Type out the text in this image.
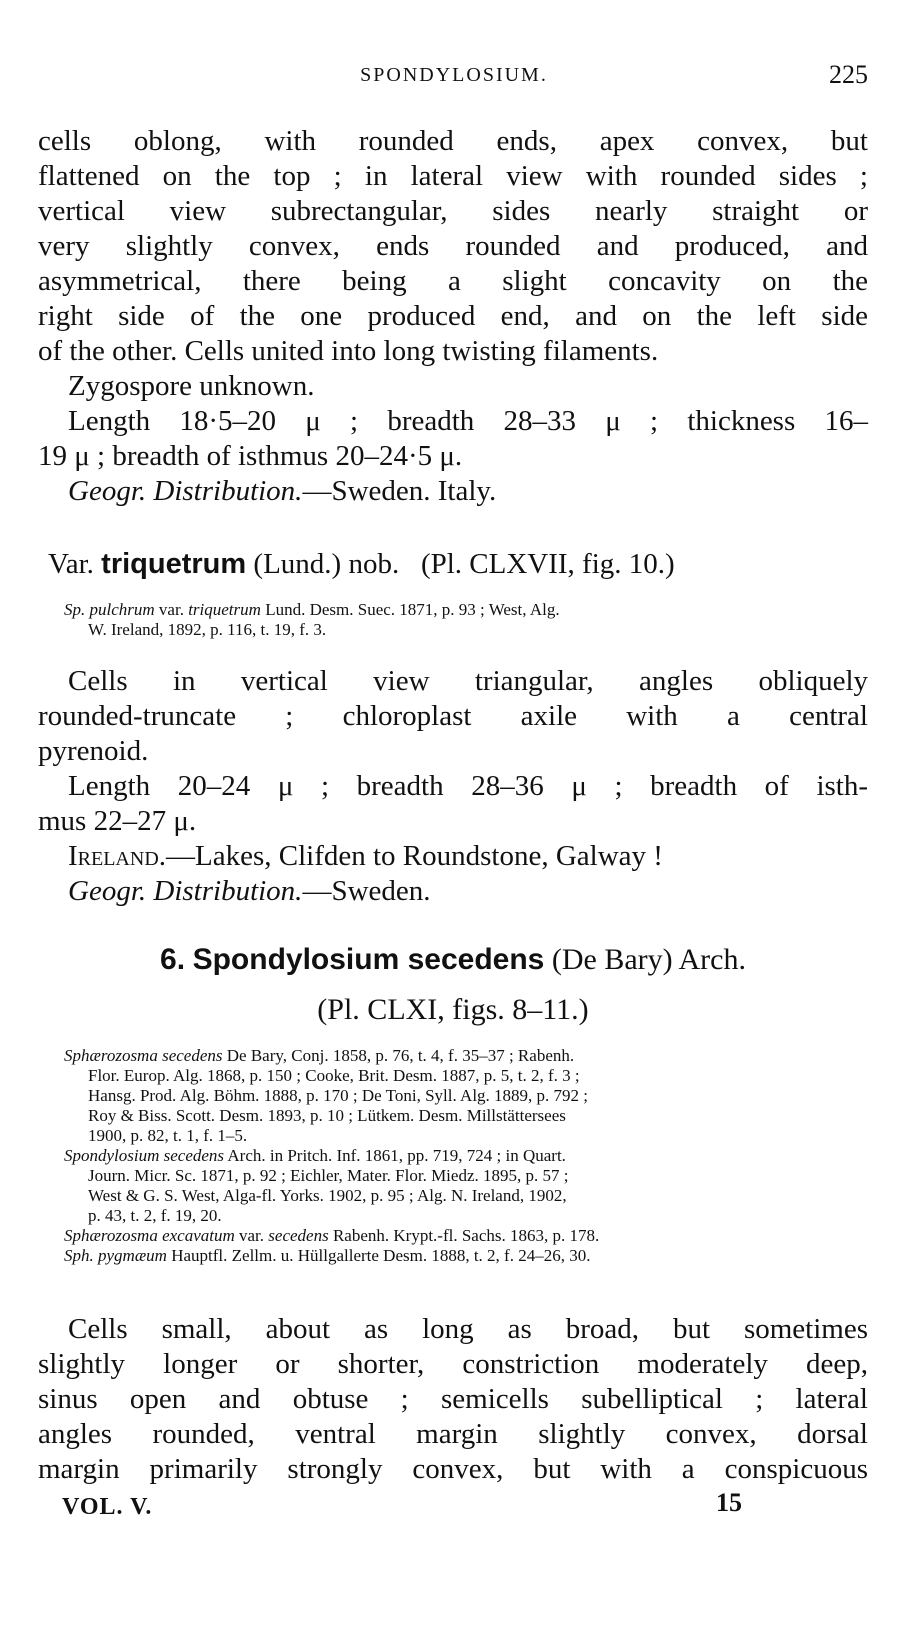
SPONDYLOSIUM.	225
cells oblong, with rounded ends, apex convex, but
flattened on the top ; in lateral view with rounded sides ;
vertical view subrectangular, sides nearly straight or
very slightly convex, ends rounded and produced, and
asymmetrical, there being a slight concavity on the
right side of the one produced end, and on the left side
of the other. Cells united into long twisting filaments.
Zygospore unknown.
Length 18·5–20 μ ; breadth 28–33 μ ; thickness 16–
19 μ ; breadth of isthmus 20–24·5 μ.
Geogr. Distribution.—Sweden. Italy.
Var. triquetrum (Lund.) nob. (Pl. CLXVII, fig. 10.)
Sp. pulchrum var. triquetrum Lund. Desm. Suec. 1871, p. 93 ; West, Alg.
W. Ireland, 1892, p. 116, t. 19, f. 3.
Cells in vertical view triangular, angles obliquely
rounded-truncate ; chloroplast axile with a central
pyrenoid.
Length 20–24 μ ; breadth 28–36 μ ; breadth of isth-
mus 22–27 μ.
Ireland.—Lakes, Clifden to Roundstone, Galway !
Geogr. Distribution.—Sweden.
6. Spondylosium secedens (De Bary) Arch.
(Pl. CLXI, figs. 8–11.)
Sphærozosma secedens De Bary, Conj. 1858, p. 76, t. 4, f. 35–37 ; Rabenh.
Flor. Europ. Alg. 1868, p. 150 ; Cooke, Brit. Desm. 1887, p. 5, t. 2, f. 3 ;
Hansg. Prod. Alg. Böhm. 1888, p. 170 ; De Toni, Syll. Alg. 1889, p. 792 ;
Roy & Biss. Scott. Desm. 1893, p. 10 ; Lütkem. Desm. Millstättersees
1900, p. 82, t. 1, f. 1–5.
Spondylosium secedens Arch. in Pritch. Inf. 1861, pp. 719, 724 ; in Quart.
Journ. Micr. Sc. 1871, p. 92 ; Eichler, Mater. Flor. Miedz. 1895, p. 57 ;
West & G. S. West, Alga-fl. Yorks. 1902, p. 95 ; Alg. N. Ireland, 1902,
p. 43, t. 2, f. 19, 20.
Sphærozosma excavatum var. secedens Rabenh. Krypt.-fl. Sachs. 1863, p. 178.
Sph. pygmæum Hauptfl. Zellm. u. Hüllgallerte Desm. 1888, t. 2, f. 24–26, 30.
Cells small, about as long as broad, but sometimes
slightly longer or shorter, constriction moderately deep,
sinus open and obtuse ; semicells subelliptical ; lateral
angles rounded, ventral margin slightly convex, dorsal
margin primarily strongly convex, but with a conspicuous
VOL. V.	15
